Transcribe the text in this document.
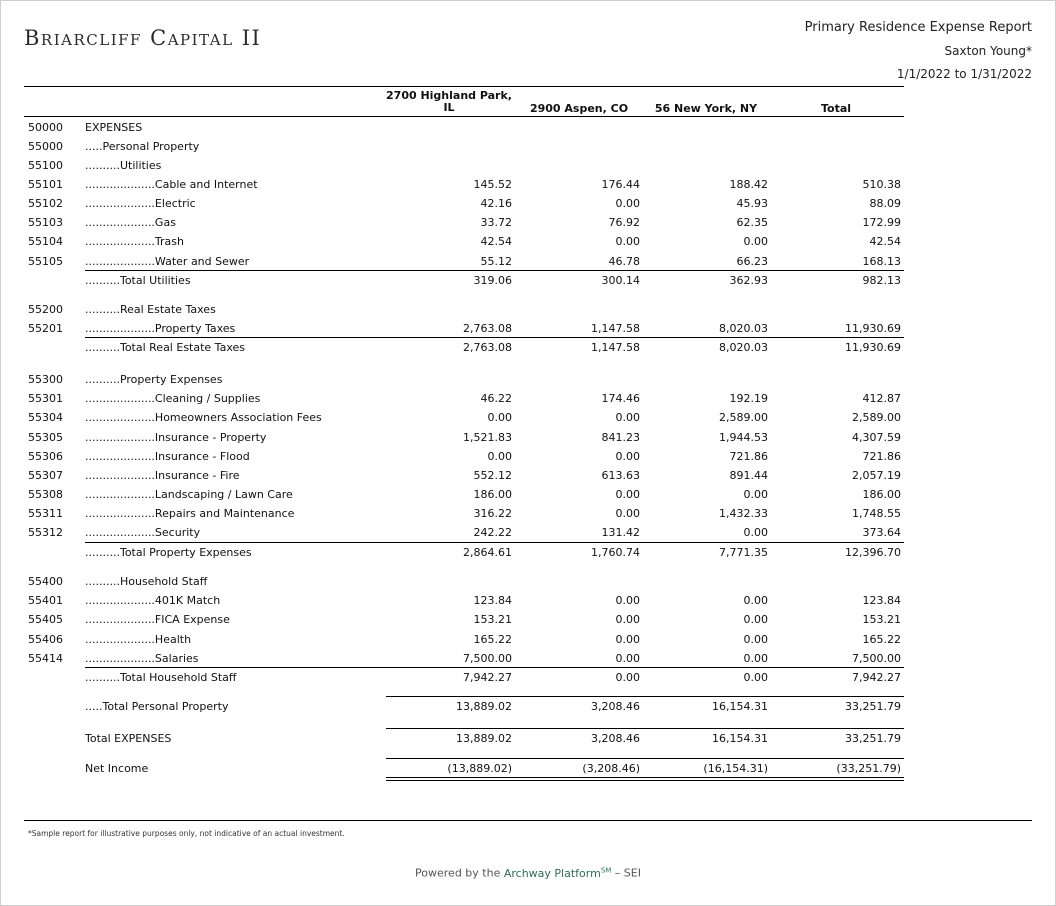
Briarcliff Capital II	Primary Residence Expense Report
Saxton Young*
1/1/2022 to 1/31/2022
2700 Highland Park,
IL	2900 Aspen, CO	56 New York, NY	Total
50000 EXPENSES
55000 .....Personal Property
55100 ..........Utilities
55101 ....................Cable and Internet	145.52	176.44	188.42	510.38
55102 ....................Electric	42.16	0.00	45.93	88.09
55103 ....................Gas	33.72	76.92	62.35	172.99
55104 ....................Trash	42.54	0.00	0.00	42.54
55105 ....................Water and Sewer	55.12	46.78	66.23	168.13
..........Total Utilities	319.06	300.14	362.93	982.13
55200 ..........Real Estate Taxes
55201 ....................Property Taxes	2,763.08	1,147.58	8,020.03	11,930.69
..........Total Real Estate Taxes	2,763.08	1,147.58	8,020.03	11,930.69
55300 ..........Property Expenses
55301 ....................Cleaning / Supplies	46.22	174.46	192.19	412.87
55304 ....................Homeowners Association Fees	0.00	0.00	2,589.00	2,589.00
55305 ....................Insurance - Property	1,521.83	841.23	1,944.53	4,307.59
55306 ....................Insurance - Flood	0.00	0.00	721.86	721.86
55307 ....................Insurance - Fire	552.12	613.63	891.44	2,057.19
55308 ....................Landscaping / Lawn Care	186.00	0.00	0.00	186.00
55311 ....................Repairs and Maintenance	316.22	0.00	1,432.33	1,748.55
55312 ....................Security	242.22	131.42	0.00	373.64
..........Total Property Expenses	2,864.61	1,760.74	7,771.35	12,396.70
55400 ..........Household Staff
55401 ....................401K Match	123.84	0.00	0.00	123.84
55405 ....................FICA Expense	153.21	0.00	0.00	153.21
55406 ....................Health	165.22	0.00	0.00	165.22
55414 ....................Salaries	7,500.00	0.00	0.00	7,500.00
..........Total Household Staff	7,942.27	0.00	0.00	7,942.27
.....Total Personal Property	13,889.02	3,208.46	16,154.31	33,251.79
Total EXPENSES	13,889.02	3,208.46	16,154.31	33,251.79
Net Income	(13,889.02)	(3,208.46)	(16,154.31)	(33,251.79)
*Sample report for illustrative purposes only, not indicative of an actual investment.
Powered by the Archway Platform℠ – SEI
